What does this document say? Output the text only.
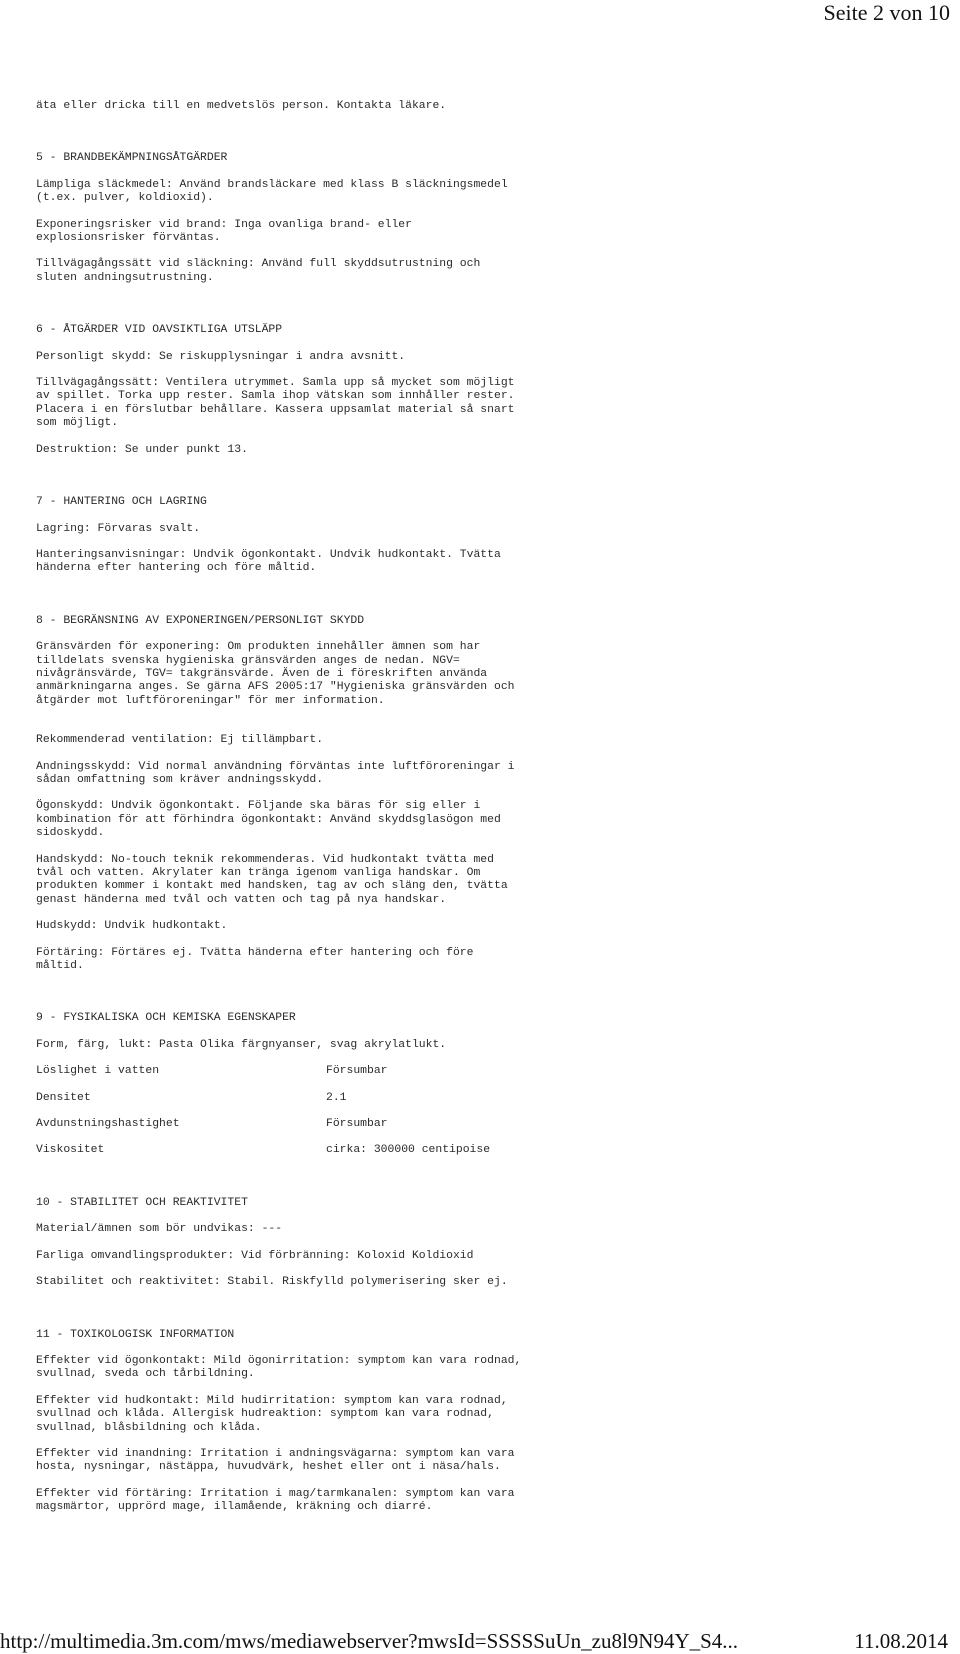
Seite 2 von 10

äta eller dricka till en medvetslös person. Kontakta läkare.

5 - BRANDBEKÄMPNINGSÅTGÄRDER

Lämpliga släckmedel: Använd brandsläckare med klass B släckningsmedel
(t.ex. pulver, koldioxid).

Exponeringsrisker vid brand: Inga ovanliga brand- eller
explosionsrisker förväntas.

Tillvägagångssätt vid släckning: Använd full skyddsutrustning och
sluten andningsutrustning.

6 - ÅTGÄRDER VID OAVSIKTLIGA UTSLÄPP

Personligt skydd: Se riskupplysningar i andra avsnitt.

Tillvägagångssätt: Ventilera utrymmet. Samla upp så mycket som möjligt
av spillet. Torka upp rester. Samla ihop vätskan som innhåller rester.
Placera i en förslutbar behållare. Kassera uppsamlat material så snart
som möjligt.

Destruktion: Se under punkt 13.

7 - HANTERING OCH LAGRING

Lagring: Förvaras svalt.

Hanteringsanvisningar: Undvik ögonkontakt. Undvik hudkontakt. Tvätta
händerna efter hantering och före måltid.

8 - BEGRÄNSNING AV EXPONERINGEN/PERSONLIGT SKYDD

Gränsvärden för exponering: Om produkten innehåller ämnen som har
tilldelats svenska hygieniska gränsvärden anges de nedan. NGV=
nivågränsvärde, TGV= takgränsvärde. Även de i föreskriften använda
anmärkningarna anges. Se gärna AFS 2005:17 "Hygieniska gränsvärden och
åtgärder mot luftföroreningar" för mer information.

Rekommenderad ventilation: Ej tillämpbart.

Andningsskydd: Vid normal användning förväntas inte luftföroreningar i
sådan omfattning som kräver andningsskydd.

Ögonskydd: Undvik ögonkontakt. Följande ska bäras för sig eller i
kombination för att förhindra ögonkontakt: Använd skyddsglasögon med
sidoskydd.

Handskydd: No-touch teknik rekommenderas. Vid hudkontakt tvätta med
tvål och vatten. Akrylater kan tränga igenom vanliga handskar. Om
produkten kommer i kontakt med handsken, tag av och släng den, tvätta
genast händerna med tvål och vatten och tag på nya handskar.

Hudskydd: Undvik hudkontakt.

Förtäring: Förtäres ej. Tvätta händerna efter hantering och före
måltid.

9 - FYSIKALISKA OCH KEMISKA EGENSKAPER

Form, färg, lukt: Pasta Olika färgnyanser, svag akrylatlukt.

Löslighet i vatten	Försumbar
Densitet	2.1
Avdunstningshastighet	Försumbar
Viskositet	cirka: 300000 centipoise

10 - STABILITET OCH REAKTIVITET

Material/ämnen som bör undvikas: ---

Farliga omvandlingsprodukter: Vid förbränning: Koloxid Koldioxid

Stabilitet och reaktivitet: Stabil. Riskfylld polymerisering sker ej.

11 - TOXIKOLOGISK INFORMATION

Effekter vid ögonkontakt: Mild ögonirritation: symptom kan vara rodnad,
svullnad, sveda och tårbildning.

Effekter vid hudkontakt: Mild hudirritation: symptom kan vara rodnad,
svullnad och klåda. Allergisk hudreaktion: symptom kan vara rodnad,
svullnad, blåsbildning och klåda.

Effekter vid inandning: Irritation i andningsvägarna: symptom kan vara
hosta, nysningar, nästäppa, huvudvärk, heshet eller ont i näsa/hals.

Effekter vid förtäring: Irritation i mag/tarmkanalen: symptom kan vara
magsmärtor, upprörd mage, illamående, kräkning och diarré.

http://multimedia.3m.com/mws/mediawebserver?mwsId=SSSSSuUn_zu8l9N94Y_S4...	11.08.2014
